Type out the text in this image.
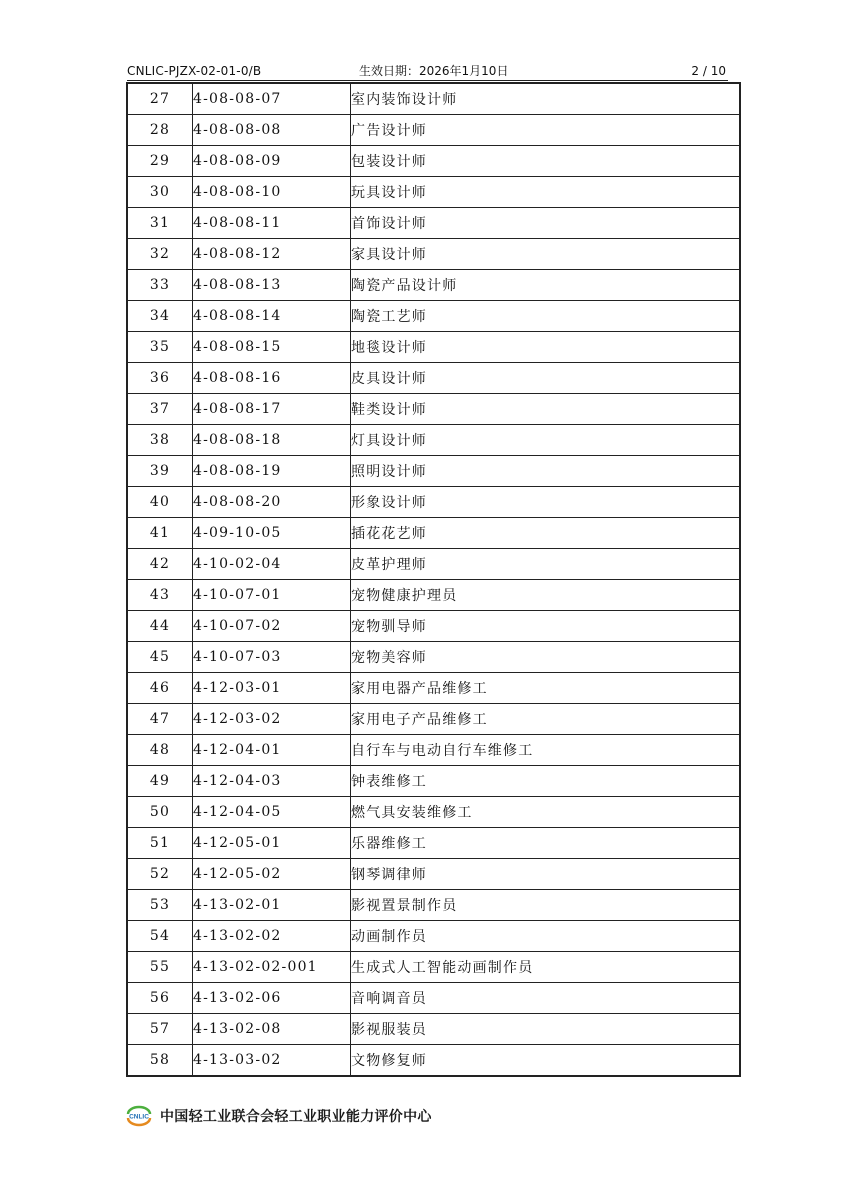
CNLIC-PJZX-02-01-0/B	生效日期：2026年1月10日	2 / 10
27	4-08-08-07	室内装饰设计师
28	4-08-08-08	广告设计师
29	4-08-08-09	包装设计师
30	4-08-08-10	玩具设计师
31	4-08-08-11	首饰设计师
32	4-08-08-12	家具设计师
33	4-08-08-13	陶瓷产品设计师
34	4-08-08-14	陶瓷工艺师
35	4-08-08-15	地毯设计师
36	4-08-08-16	皮具设计师
37	4-08-08-17	鞋类设计师
38	4-08-08-18	灯具设计师
39	4-08-08-19	照明设计师
40	4-08-08-20	形象设计师
41	4-09-10-05	插花花艺师
42	4-10-02-04	皮革护理师
43	4-10-07-01	宠物健康护理员
44	4-10-07-02	宠物驯导师
45	4-10-07-03	宠物美容师
46	4-12-03-01	家用电器产品维修工
47	4-12-03-02	家用电子产品维修工
48	4-12-04-01	自行车与电动自行车维修工
49	4-12-04-03	钟表维修工
50	4-12-04-05	燃气具安装维修工
51	4-12-05-01	乐器维修工
52	4-12-05-02	钢琴调律师
53	4-13-02-01	影视置景制作员
54	4-13-02-02	动画制作员
55	4-13-02-02-001	生成式人工智能动画制作员
56	4-13-02-06	音响调音员
57	4-13-02-08	影视服装员
58	4-13-03-02	文物修复师
CNLIC 中国轻工业联合会轻工业职业能力评价中心
